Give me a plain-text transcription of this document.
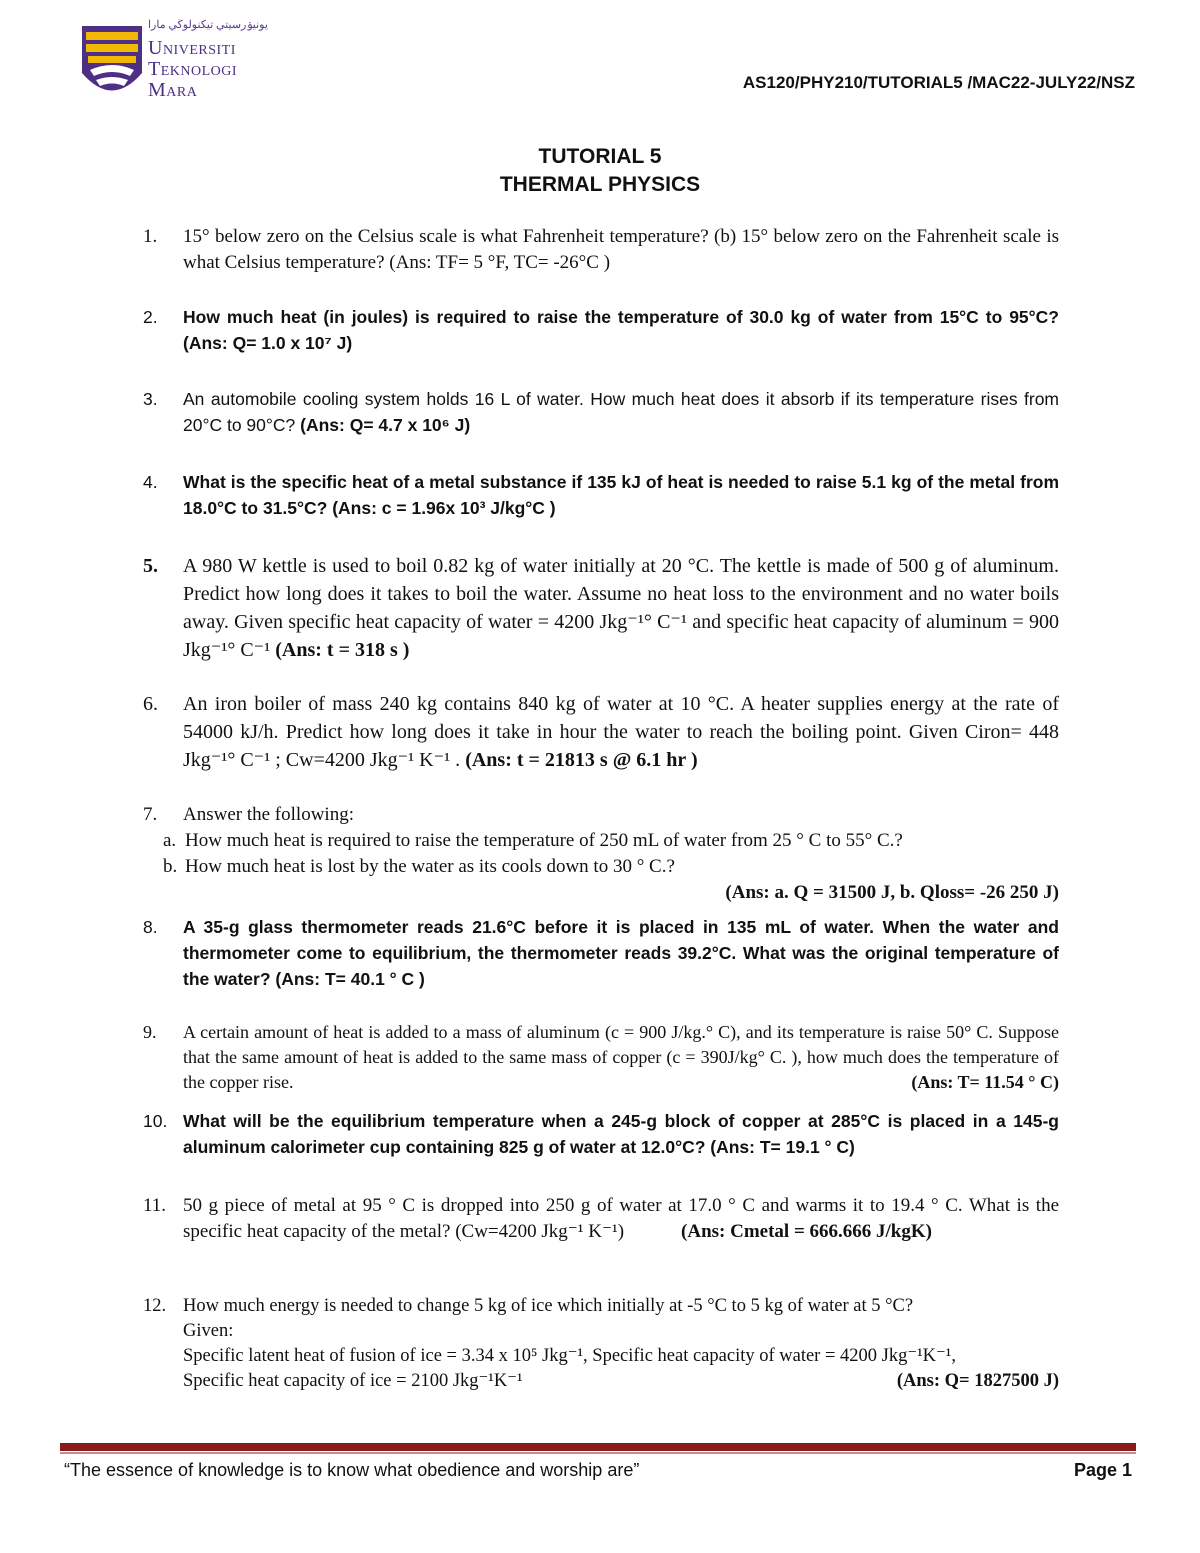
يونيۏرسيتي تيكنولوڬي مارا
Universiti
Teknologi
Mara	AS120/PHY210/TUTORIAL5 /MAC22-JULY22/NSZ
TUTORIAL 5
THERMAL PHYSICS
1.	15° below zero on the Celsius scale is what Fahrenheit temperature? (b) 15° below zero on the Fahrenheit scale is what Celsius temperature? (Ans: TF= 5 °F, TC= -26°C )
2.	How much heat (in joules) is required to raise the temperature of 30.0 kg of water from 15°C to 95°C? (Ans: Q= 1.0 x 10⁷ J)
3.	An automobile cooling system holds 16 L of water. How much heat does it absorb if its temperature rises from 20°C to 90°C? (Ans: Q= 4.7 x 10⁶ J)
4.	What is the specific heat of a metal substance if 135 kJ of heat is needed to raise 5.1 kg of the metal from 18.0°C to 31.5°C? (Ans: c = 1.96x 10³ J/kg°C )
5.	A 980 W kettle is used to boil 0.82 kg of water initially at 20 °C. The kettle is made of 500 g of aluminum. Predict how long does it takes to boil the water. Assume no heat loss to the environment and no water boils away. Given specific heat capacity of water = 4200 Jkg⁻¹° C⁻¹ and specific heat capacity of aluminum = 900 Jkg⁻¹° C⁻¹ (Ans: t = 318 s )
6.	An iron boiler of mass 240 kg contains 840 kg of water at 10 °C. A heater supplies energy at the rate of 54000 kJ/h. Predict how long does it take in hour the water to reach the boiling point. Given Ciron= 448 Jkg⁻¹° C⁻¹ ; Cw=4200 Jkg⁻¹ K⁻¹ . (Ans: t = 21813 s @ 6.1 hr )
7.	Answer the following:
a. How much heat is required to raise the temperature of 250 mL of water from 25 ° C to 55° C.?
b. How much heat is lost by the water as its cools down to 30 ° C.?
(Ans: a. Q = 31500 J, b. Qloss= -26 250 J)
8.	A 35-g glass thermometer reads 21.6°C before it is placed in 135 mL of water. When the water and thermometer come to equilibrium, the thermometer reads 39.2°C. What was the original temperature of the water? (Ans: T= 40.1 ° C )
9.	A certain amount of heat is added to a mass of aluminum (c = 900 J/kg.° C), and its temperature is raise 50° C. Suppose that the same amount of heat is added to the same mass of copper (c = 390J/kg° C. ), how much does the temperature of the copper rise.	(Ans: T= 11.54 ° C)
10. What will be the equilibrium temperature when a 245-g block of copper at 285°C is placed in a 145-g aluminum calorimeter cup containing 825 g of water at 12.0°C? (Ans: T= 19.1 ° C)
11. 50 g piece of metal at 95 ° C is dropped into 250 g of water at 17.0 ° C and warms it to 19.4 ° C. What is the specific heat capacity of the metal? (Cw=4200 Jkg⁻¹ K⁻¹)	(Ans: Cmetal = 666.666 J/kgK)
12. How much energy is needed to change 5 kg of ice which initially at -5 °C to 5 kg of water at 5 °C?
Given:
Specific latent heat of fusion of ice = 3.34 x 10⁵ Jkg⁻¹, Specific heat capacity of water = 4200 Jkg⁻¹K⁻¹,
Specific heat capacity of ice = 2100 Jkg⁻¹K⁻¹	(Ans: Q= 1827500 J)
“The essence of knowledge is to know what obedience and worship are”	Page 1
